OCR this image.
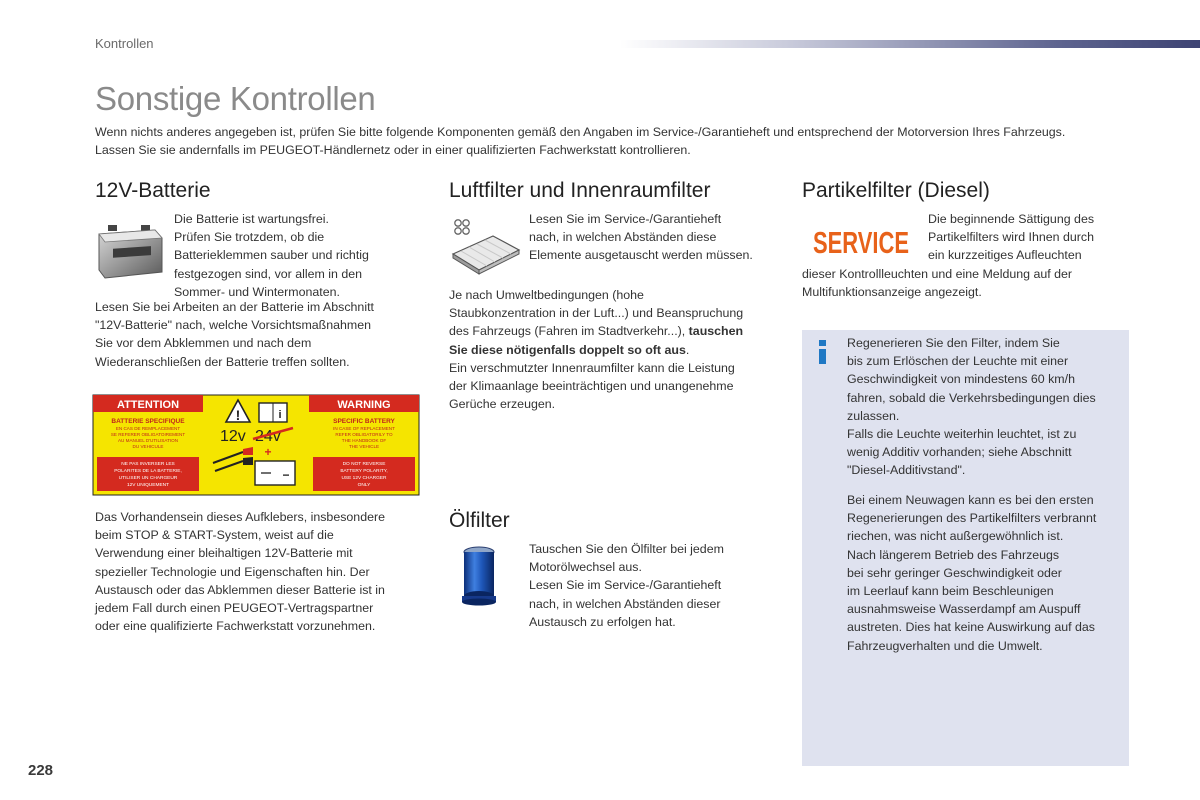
Kontrollen
Sonstige Kontrollen
Wenn nichts anderes angegeben ist, prüfen Sie bitte folgende Komponenten gemäß den Angaben im Service-/Garantieheft und entsprechend der Motorversion Ihres Fahrzeugs.
Lassen Sie sie andernfalls im PEUGEOT-Händlernetz oder in einer qualifizierten Fachwerkstatt kontrollieren.
12V-Batterie
Die Batterie ist wartungsfrei.
Prüfen Sie trotzdem, ob die
Batterieklemmen sauber und richtig
festgezogen sind, vor allem in den
Sommer- und Wintermonaten.
Lesen Sie bei Arbeiten an der Batterie im Abschnitt
"12V-Batterie" nach, welche Vorsichtsmaßnahmen
Sie vor dem Abklemmen und nach dem
Wiederanschließen der Batterie treffen sollten.
ATTENTION	WARNING
BATTERIE SPECIFIQUE
EN CAS DE REMPLACEMENT
SE REFERER OBLIGATOIREMENT
AU MANUEL D'UTILISATION
DU VEHICULE
SPECIFIC BATTERY
IN CASE OF REPLACEMENT
REFER OBLIGATORILY TO
THE HANDBOOK OF
THE VEHICLE
NE PAS INVERSER LES
POLARITES DE LA BATTERIE,
UTILISER UN CHARGEUR
12V UNIQUEMENT
DO NOT REVERSE
BATTERY POLARITY,
USE 12V CHARGER
ONLY
!	i
12v 24v
+
−
Das Vorhandensein dieses Aufklebers, insbesondere
beim STOP & START-System, weist auf die
Verwendung einer bleihaltigen 12V-Batterie mit
spezieller Technologie und Eigenschaften hin. Der
Austausch oder das Abklemmen dieser Batterie ist in
jedem Fall durch einen PEUGEOT-Vertragspartner
oder eine qualifizierte Fachwerkstatt vorzunehmen.
Luftfilter und Innenraumfilter
Lesen Sie im Service-/Garantieheft
nach, in welchen Abständen diese
Elemente ausgetauscht werden müssen.
Je nach Umweltbedingungen (hohe
Staubkonzentration in der Luft...) und Beanspruchung
des Fahrzeugs (Fahren im Stadtverkehr...), tauschen
Sie diese nötigenfalls doppelt so oft aus.
Ein verschmutzter Innenraumfilter kann die Leistung
der Klimaanlage beeinträchtigen und unangenehme
Gerüche erzeugen.
Ölfilter
Tauschen Sie den Ölfilter bei jedem
Motorölwechsel aus.
Lesen Sie im Service-/Garantieheft
nach, in welchen Abständen dieser
Austausch zu erfolgen hat.
Partikelfilter (Diesel)
SERVICE
Die beginnende Sättigung des
Partikelfilters wird Ihnen durch
ein kurzzeitiges Aufleuchten
dieser Kontrollleuchten und eine Meldung auf der
Multifunktionsanzeige angezeigt.
Regenerieren Sie den Filter, indem Sie
bis zum Erlöschen der Leuchte mit einer
Geschwindigkeit von mindestens 60 km/h
fahren, sobald die Verkehrsbedingungen dies
zulassen.
Falls die Leuchte weiterhin leuchtet, ist zu
wenig Additiv vorhanden; siehe Abschnitt
"Diesel-Additivstand".
Bei einem Neuwagen kann es bei den ersten
Regenerierungen des Partikelfilters verbrannt
riechen, was nicht außergewöhnlich ist.
Nach längerem Betrieb des Fahrzeugs
bei sehr geringer Geschwindigkeit oder
im Leerlauf kann beim Beschleunigen
ausnahmsweise Wasserdampf am Auspuff
austreten. Dies hat keine Auswirkung auf das
Fahrzeugverhalten und die Umwelt.
228
